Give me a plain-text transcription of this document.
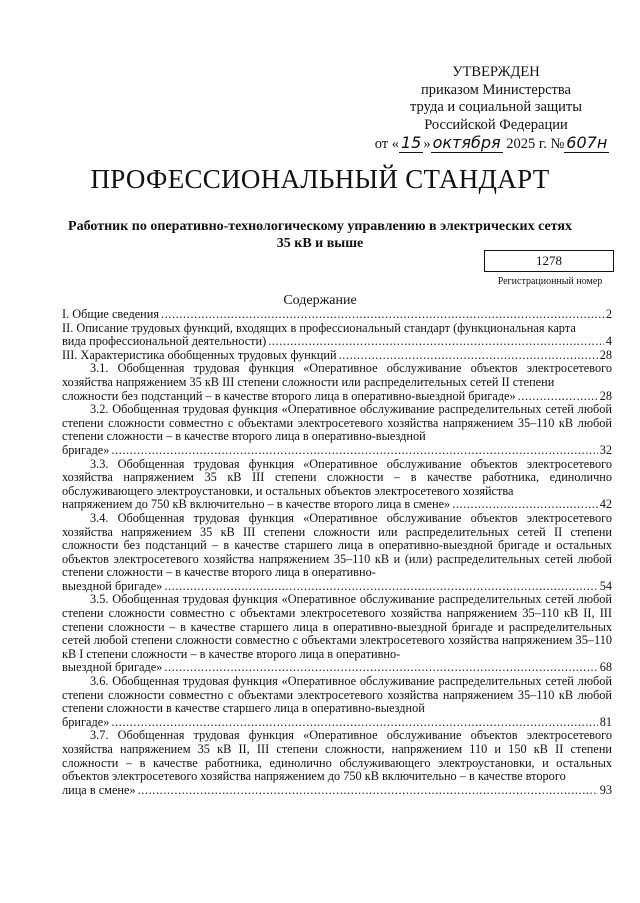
УТВЕРЖДЕН
приказом Министерства
труда и социальной защиты
Российской Федерации
от « 15 » октября 2025 г. № 607н
ПРОФЕССИОНАЛЬНЫЙ СТАНДАРТ
Работник по оперативно-технологическому управлению в электрических сетях
35 кВ и выше
1278
Регистрационный номер
Содержание
I. Общие сведения .....	2
II. Описание трудовых функций, входящих в профессиональный стандарт (функциональная карта
вида профессиональной деятельности) .....	4
III. Характеристика обобщенных трудовых функций .....	28
3.1. Обобщенная трудовая функция «Оперативное обслуживание объектов электросетевого хозяйства напряжением 35 кВ III степени сложности или распределительных сетей II степени
сложности без подстанций – в качестве второго лица в оперативно-выездной бригаде» .....	28
3.2. Обобщенная трудовая функция «Оперативное обслуживание распределительных сетей любой степени сложности совместно с объектами электросетевого хозяйства напряжением 35–110 кВ любой степени сложности – в качестве второго лица в оперативно-выездной
бригаде» .....	32
3.3. Обобщенная трудовая функция «Оперативное обслуживание объектов электросетевого хозяйства напряжением 35 кВ III степени сложности – в качестве работника, единолично обслуживающего электроустановки, и остальных объектов электросетевого хозяйства
напряжением до 750 кВ включительно – в качестве второго лица в смене» .....	42
3.4. Обобщенная трудовая функция «Оперативное обслуживание объектов электросетевого хозяйства напряжением 35 кВ III степени сложности или распределительных сетей II степени сложности без подстанций – в качестве старшего лица в оперативно-выездной бригаде и остальных объектов электросетевого хозяйства напряжением 35–110 кВ и (или) распределительных сетей любой степени сложности – в качестве второго лица в оперативно-
выездной бригаде» .....	54
3.5. Обобщенная трудовая функция «Оперативное обслуживание распределительных сетей любой степени сложности совместно с объектами электросетевого хозяйства напряжением 35–110 кВ II, III степени сложности – в качестве старшего лица в оперативно-выездной бригаде и распределительных сетей любой степени сложности совместно с объектами электросетевого хозяйства напряжением 35–110 кВ I степени сложности – в качестве второго лица в оперативно-
выездной бригаде» .....	68
3.6. Обобщенная трудовая функция «Оперативное обслуживание распределительных сетей любой степени сложности совместно с объектами электросетевого хозяйства напряжением 35–110 кВ любой степени сложности в качестве старшего лица в оперативно-выездной
бригаде» .....	81
3.7. Обобщенная трудовая функция «Оперативное обслуживание объектов электросетевого хозяйства напряжением 35 кВ II, III степени сложности, напряжением 110 и 150 кВ II степени сложности – в качестве работника, единолично обслуживающего электроустановки, и остальных объектов электросетевого хозяйства напряжением до 750 кВ включительно – в качестве второго
лица в смене» .....	93
